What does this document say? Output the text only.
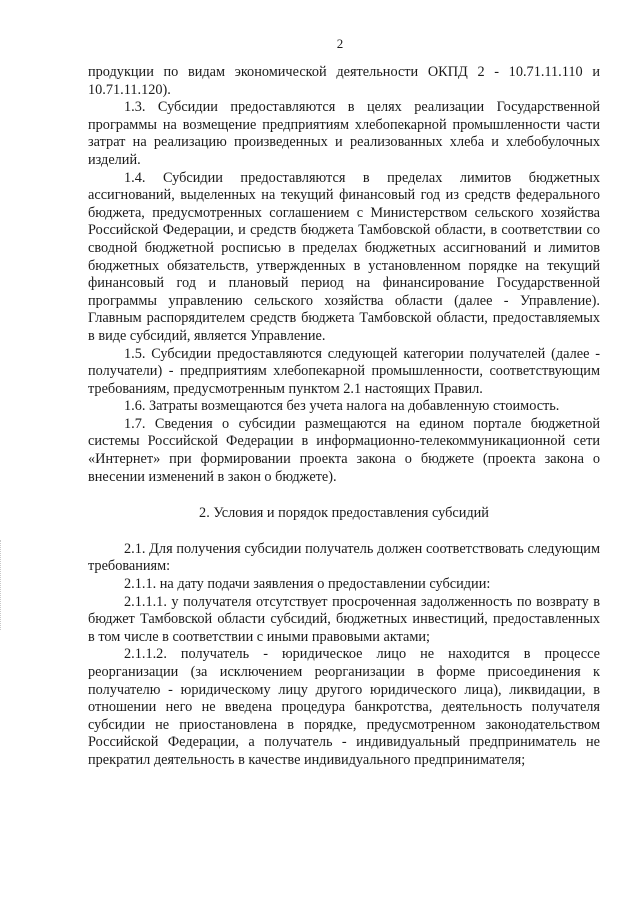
2

продукции по видам экономической деятельности ОКПД 2 - 10.71.11.110 и 10.71.11.120).

1.3. Субсидии предоставляются в целях реализации Государственной программы на возмещение предприятиям хлебопекарной промышленности части затрат на реализацию произведенных и реализованных хлеба и хлебобулочных изделий.

1.4. Субсидии предоставляются в пределах лимитов бюджетных ассигнований, выделенных на текущий финансовый год из средств федерального бюджета, предусмотренных соглашением с Министерством сельского хозяйства Российской Федерации, и средств бюджета Тамбовской области, в соответствии со сводной бюджетной росписью в пределах бюджетных ассигнований и лимитов бюджетных обязательств, утвержденных в установленном порядке на текущий финансовый год и плановый период на финансирование Государственной программы управлению сельского хозяйства области (далее - Управление). Главным распорядителем средств бюджета Тамбовской области, предоставляемых в виде субсидий, является Управление.

1.5. Субсидии предоставляются следующей категории получателей (далее - получатели) - предприятиям хлебопекарной промышленности, соответствующим требованиям, предусмотренным пунктом 2.1 настоящих Правил.

1.6. Затраты возмещаются без учета налога на добавленную стоимость.

1.7. Сведения о субсидии размещаются на едином портале бюджетной системы Российской Федерации в информационно-телекоммуникационной сети «Интернет» при формировании проекта закона о бюджете (проекта закона о внесении изменений в закон о бюджете).

2. Условия и порядок предоставления субсидий

2.1. Для получения субсидии получатель должен соответствовать следующим требованиям:

2.1.1. на дату подачи заявления о предоставлении субсидии:

2.1.1.1. у получателя отсутствует просроченная задолженность по возврату в бюджет Тамбовской области субсидий, бюджетных инвестиций, предоставленных в том числе в соответствии с иными правовыми актами;

2.1.1.2. получатель - юридическое лицо не находится в процессе реорганизации (за исключением реорганизации в форме присоединения к получателю - юридическому лицу другого юридического лица), ликвидации, в отношении него не введена процедура банкротства, деятельность получателя субсидии не приостановлена в порядке, предусмотренном законодательством Российской Федерации, а получатель - индивидуальный предприниматель не прекратил деятельность в качестве индивидуального предпринимателя;
